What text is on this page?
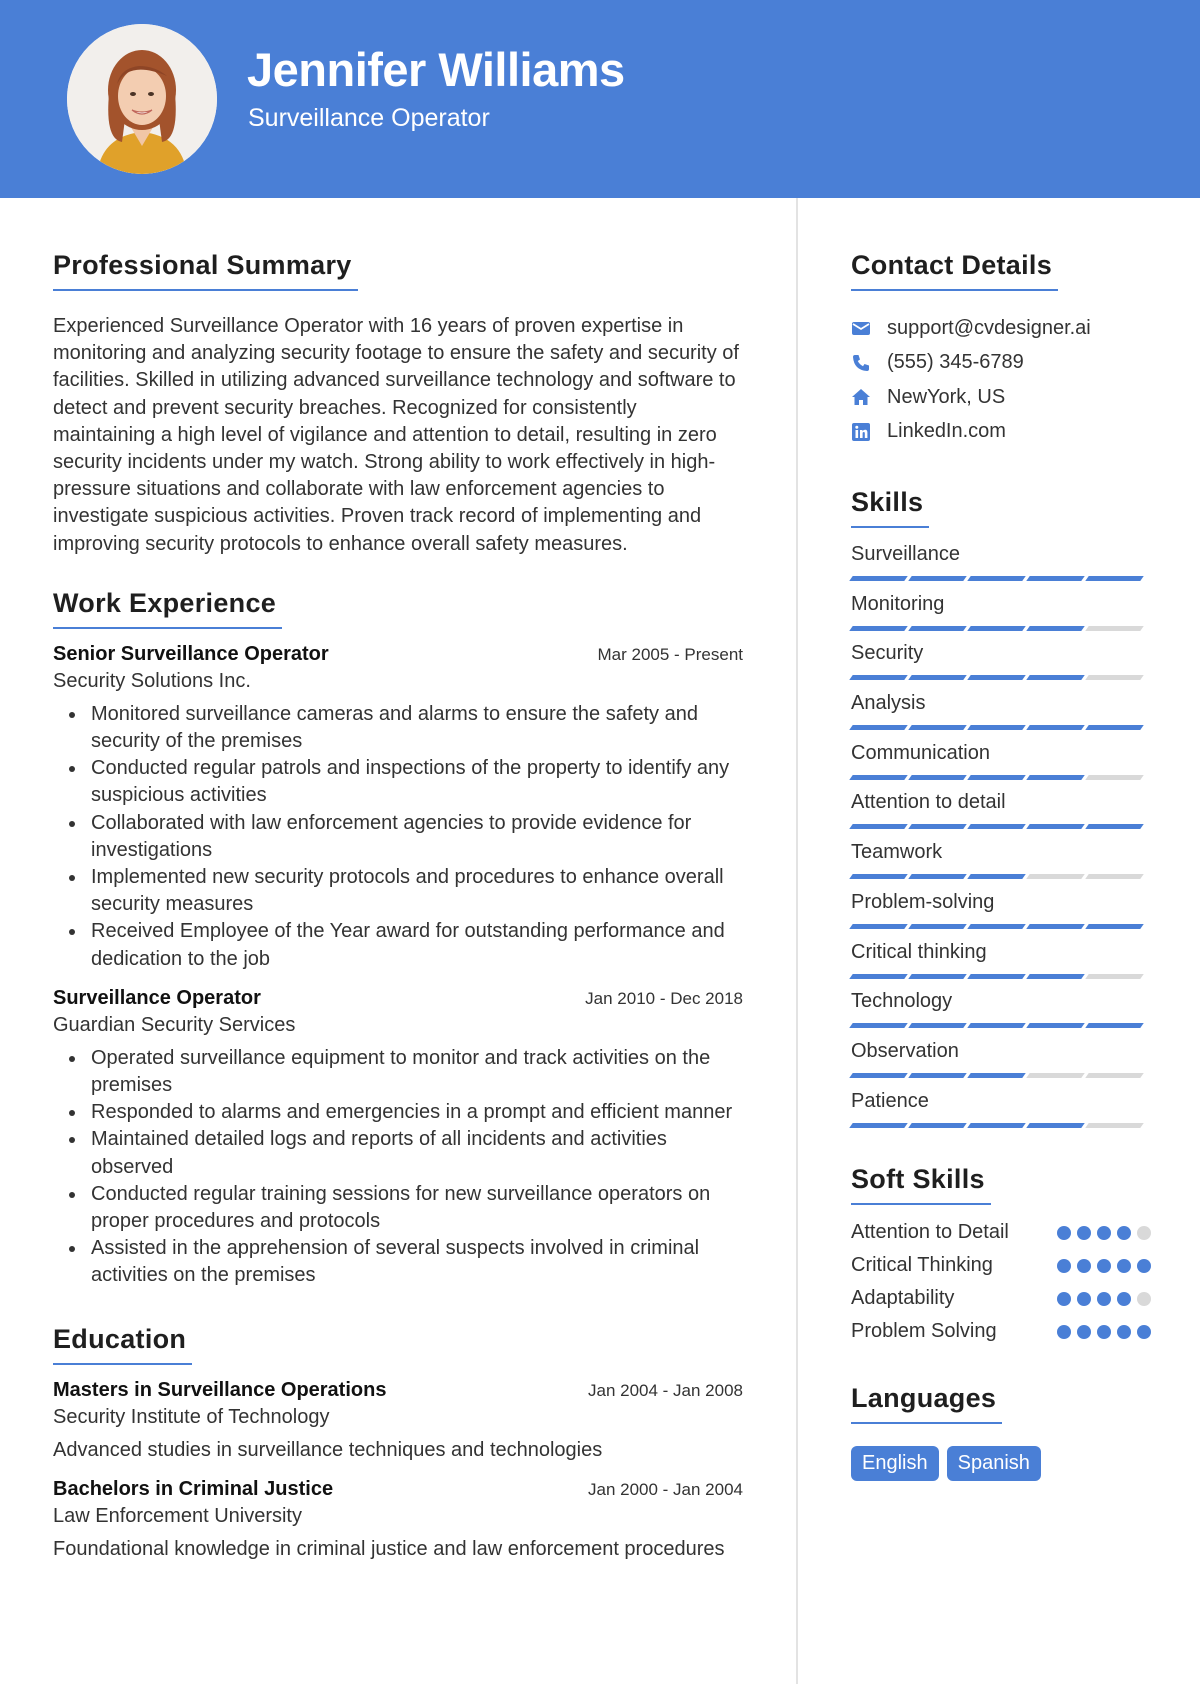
Jennifer Williams
Surveillance Operator
Professional Summary

Experienced Surveillance Operator with 16 years of proven expertise in monitoring and analyzing security footage to ensure the safety and security of facilities. Skilled in utilizing advanced surveillance technology and software to detect and prevent security breaches. Recognized for consistently maintaining a high level of vigilance and attention to detail, resulting in zero security incidents under my watch. Strong ability to work effectively in high-pressure situations and collaborate with law enforcement agencies to investigate suspicious activities. Proven track record of implementing and improving security protocols to enhance overall safety measures.

Work Experience
Senior Surveillance Operator	Mar 2005 - Present
Security Solutions Inc.
Monitored surveillance cameras and alarms to ensure the safety and security of the premises
Conducted regular patrols and inspections of the property to identify any suspicious activities
Collaborated with law enforcement agencies to provide evidence for investigations
Implemented new security protocols and procedures to enhance overall security measures
Received Employee of the Year award for outstanding performance and dedication to the job
Surveillance Operator	Jan 2010 - Dec 2018
Guardian Security Services
Operated surveillance equipment to monitor and track activities on the premises
Responded to alarms and emergencies in a prompt and efficient manner
Maintained detailed logs and reports of all incidents and activities observed
Conducted regular training sessions for new surveillance operators on proper procedures and protocols
Assisted in the apprehension of several suspects involved in criminal activities on the premises
Education
Masters in Surveillance Operations	Jan 2004 - Jan 2008
Security Institute of Technology
Advanced studies in surveillance techniques and technologies
Bachelors in Criminal Justice	Jan 2000 - Jan 2004
Law Enforcement University
Foundational knowledge in criminal justice and law enforcement procedures
Contact Details
support@cvdesigner.ai
(555) 345-6789
NewYork, US
LinkedIn.com
Skills
Surveillance
Monitoring
Security
Analysis
Communication
Attention to detail
Teamwork
Problem-solving
Critical thinking
Technology
Observation
Patience
Soft Skills
Attention to Detail
Critical Thinking
Adaptability
Problem Solving
Languages
English	Spanish
